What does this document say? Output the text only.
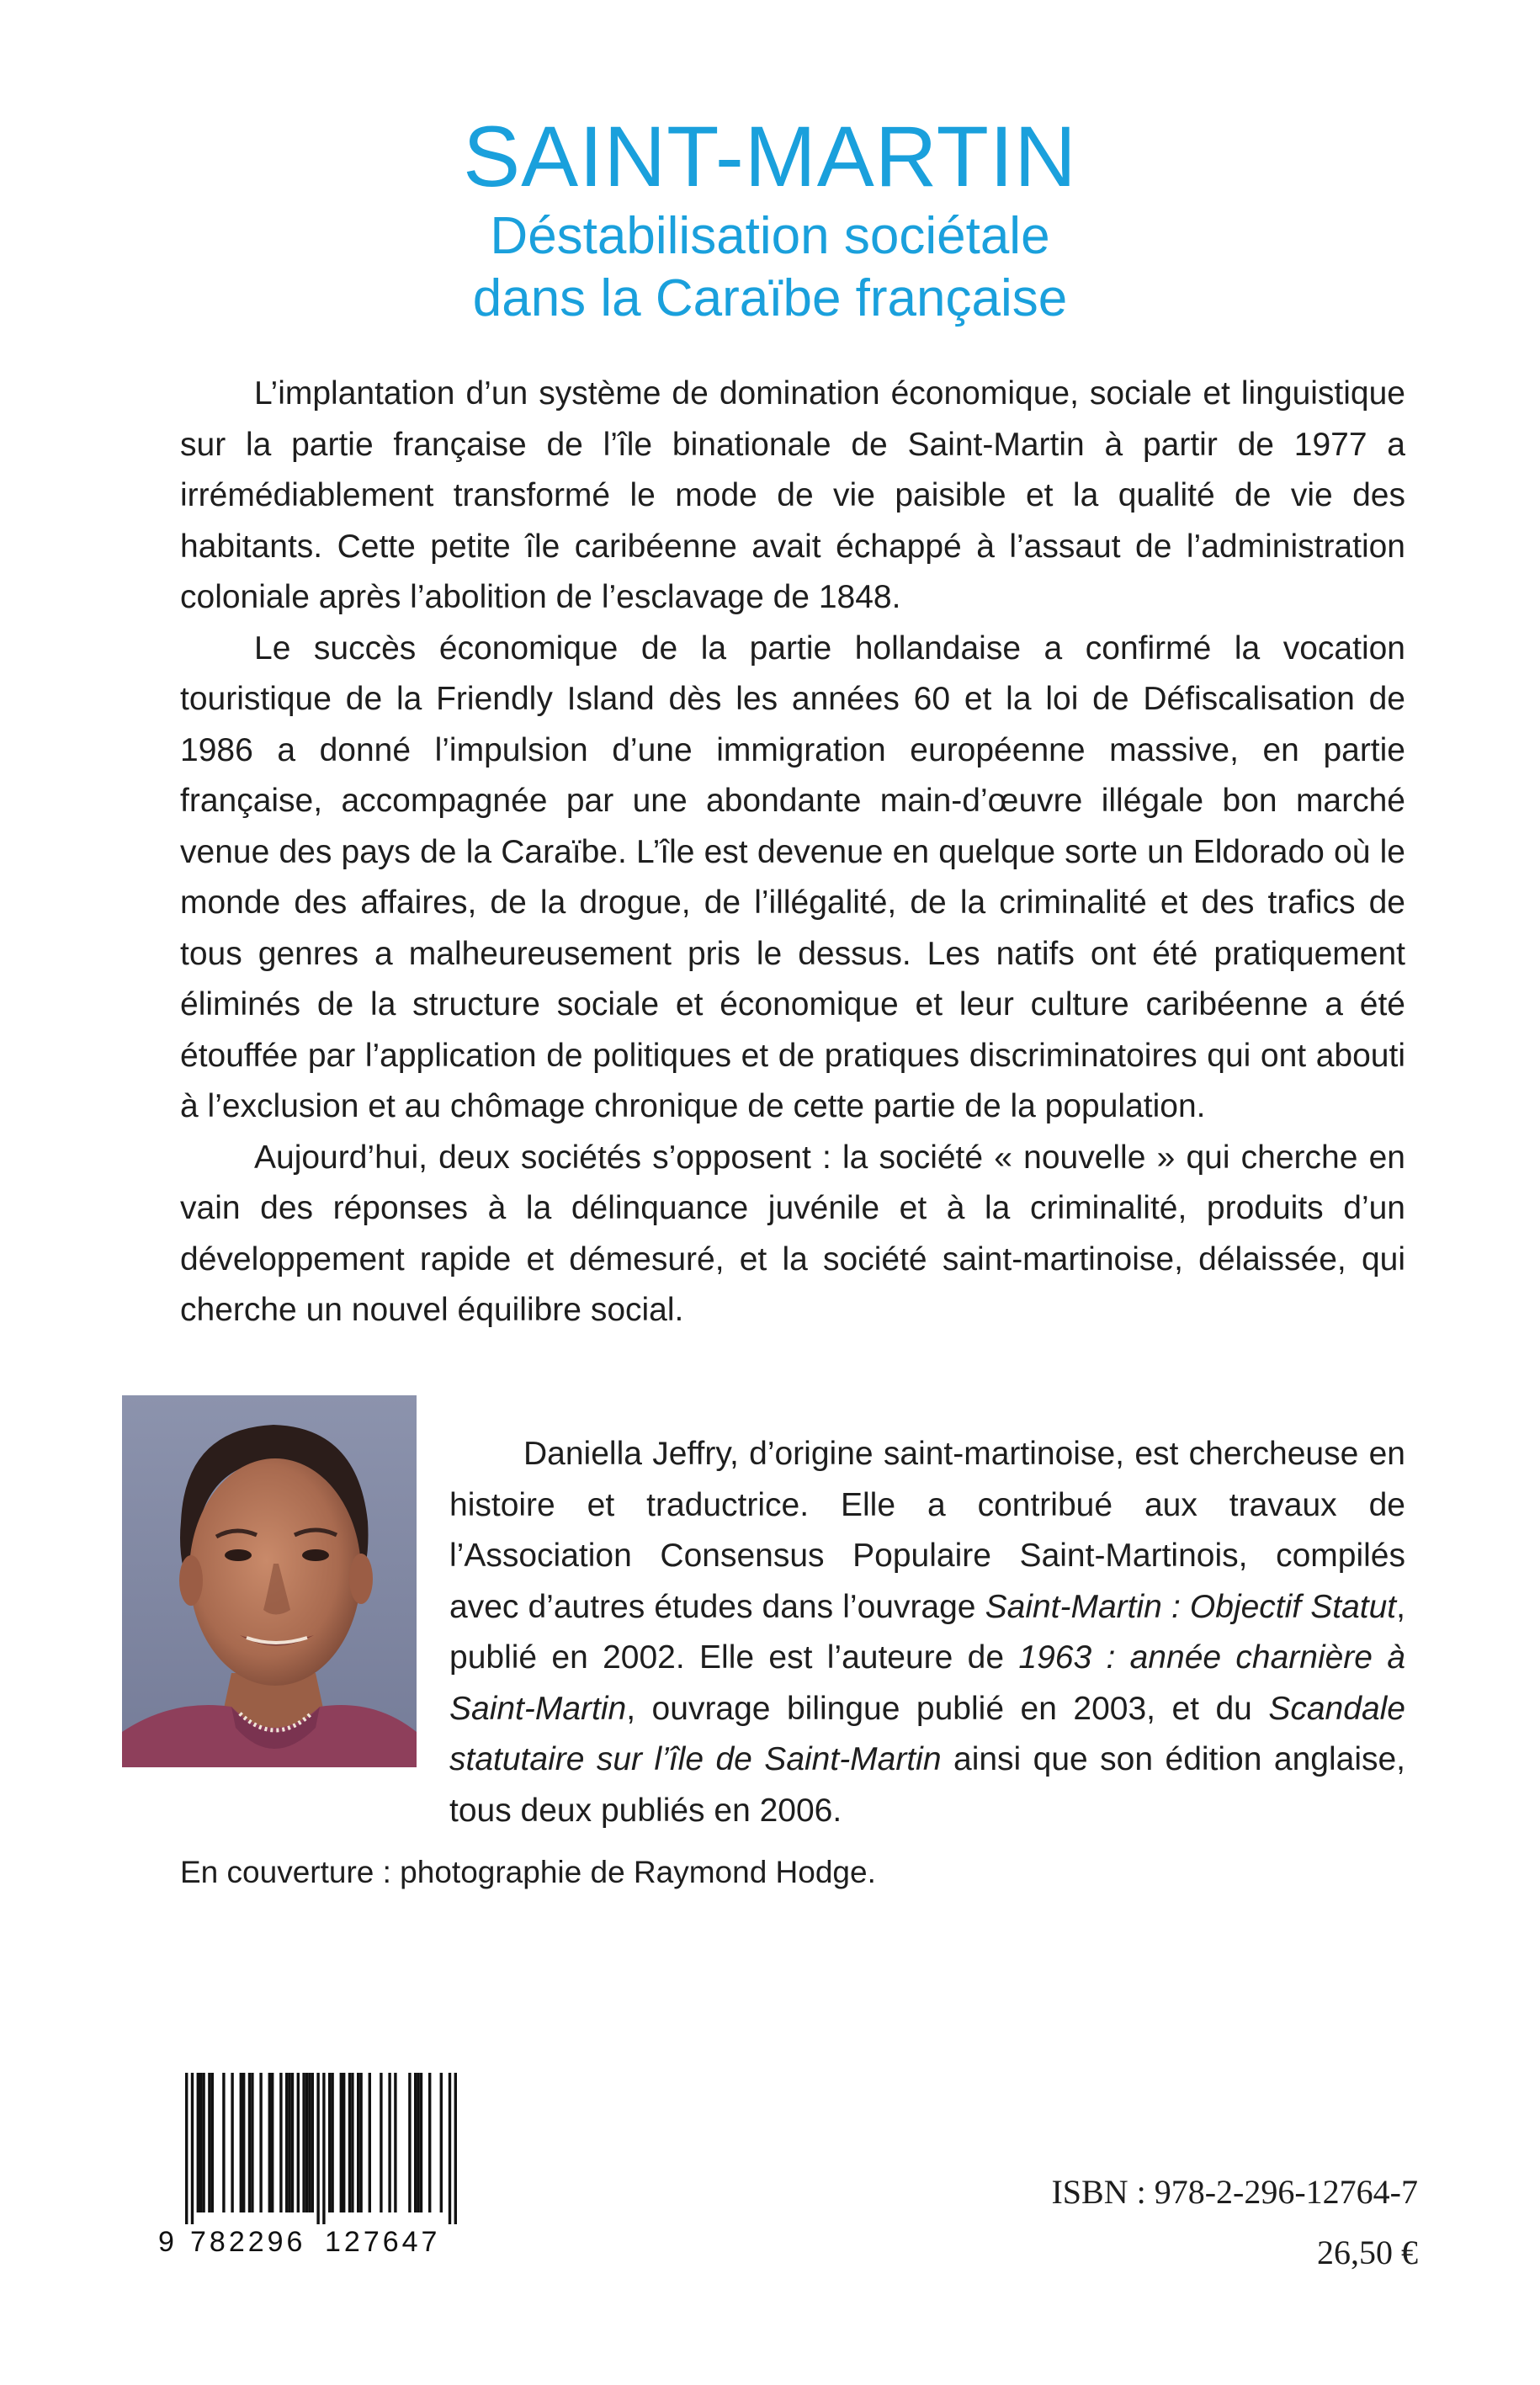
SAINT-MARTIN
Déstabilisation sociétale
dans la Caraïbe française

L’implantation d’un système de domination économique, sociale et linguistique sur la partie française de l’île binationale de Saint-Martin à partir de 1977 a irrémédiablement transformé le mode de vie paisible et la qualité de vie des habitants. Cette petite île caribéenne avait échappé à l’assaut de l’administration coloniale après l’abolition de l’esclavage de 1848.

Le succès économique de la partie hollandaise a confirmé la vocation touristique de la Friendly Island dès les années 60 et la loi de Défiscalisation de 1986 a donné l’impulsion d’une immigration européenne massive, en partie française, accompagnée par une abondante main-d’œuvre illégale bon marché venue des pays de la Caraïbe. L’île est devenue en quelque sorte un Eldorado où le monde des affaires, de la drogue, de l’illégalité, de la criminalité et des trafics de tous genres a malheureusement pris le dessus. Les natifs ont été pratiquement éliminés de la structure sociale et économique et leur culture caribéenne a été étouffée par l’application de politiques et de pratiques discriminatoires qui ont abouti à l’exclusion et au chômage chronique de cette partie de la population.

Aujourd’hui, deux sociétés s’opposent : la société « nouvelle » qui cherche en vain des réponses à la délinquance juvénile et à la criminalité, produits d’un développement rapide et démesuré, et la société saint-martinoise, délaissée, qui cherche un nouvel équilibre social.

Daniella Jeffry, d’origine saint-martinoise, est chercheuse en histoire et traductrice. Elle a contribué aux travaux de l’Association Consensus Populaire Saint-Martinois, compilés avec d’autres études dans l’ouvrage Saint-Martin : Objectif Statut, publié en 2002. Elle est l’auteure de 1963 : année charnière à Saint-Martin, ouvrage bilingue publié en 2003, et du Scandale statutaire sur l’île de Saint-Martin ainsi que son édition anglaise, tous deux publiés en 2006.

En couverture : photographie de Raymond Hodge.
9 782296 127647
ISBN : 978-2-296-12764-7
26,50 €
